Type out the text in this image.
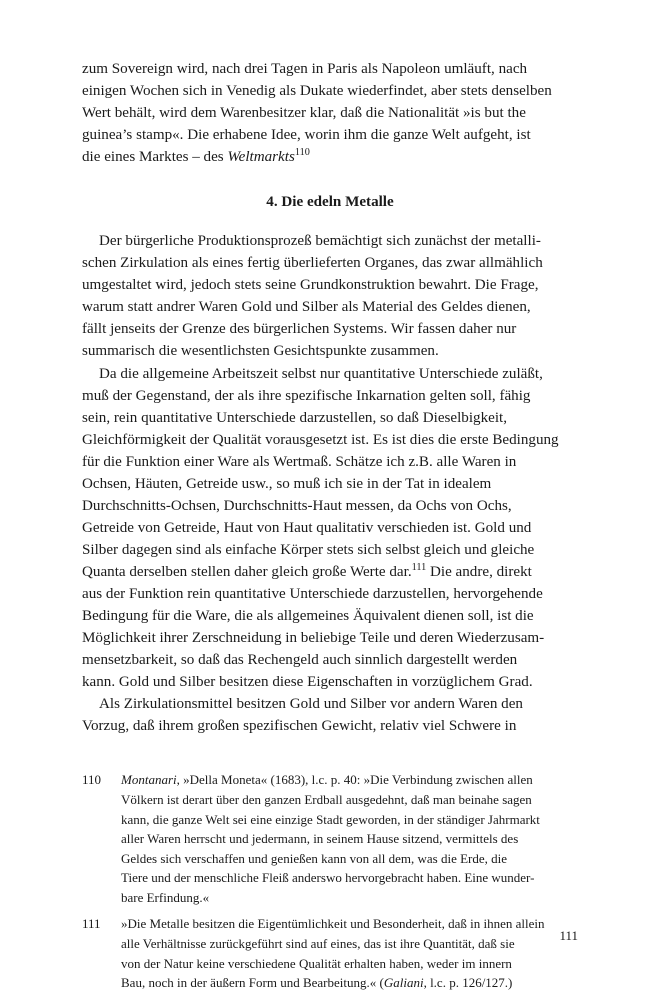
zum Sovereign wird, nach drei Tagen in Paris als Napoleon umläuft, nach
einigen Wochen sich in Venedig als Dukate wiederfindet, aber stets denselben
Wert behält, wird dem Warenbesitzer klar, daß die Nationalität »is but the
guinea’s stamp«. Die erhabene Idee, worin ihm die ganze Welt aufgeht, ist
die eines Marktes – des Weltmarkts$^{110}$
4. Die edeln Metalle
Der bürgerliche Produktionsprozeß bemächtigt sich zunächst der metalli-
schen Zirkulation als eines fertig überlieferten Organes, das zwar allmählich
umgestaltet wird, jedoch stets seine Grundkonstruktion bewahrt. Die Frage,
warum statt andrer Waren Gold und Silber als Material des Geldes dienen,
fällt jenseits der Grenze des bürgerlichen Systems. Wir fassen daher nur
summarisch die wesentlichsten Gesichtspunkte zusammen.
Da die allgemeine Arbeitszeit selbst nur quantitative Unterschiede zuläßt,
muß der Gegenstand, der als ihre spezifische Inkarnation gelten soll, fähig
sein, rein quantitative Unterschiede darzustellen, so daß Dieselbigkeit,
Gleichförmigkeit der Qualität vorausgesetzt ist. Es ist dies die erste Bedingung
für die Funktion einer Ware als Wertmaß. Schätze ich z.B. alle Waren in
Ochsen, Häuten, Getreide usw., so muß ich sie in der Tat in idealem
Durchschnitts-Ochsen, Durchschnitts-Haut messen, da Ochs von Ochs,
Getreide von Getreide, Haut von Haut qualitativ verschieden ist. Gold und
Silber dagegen sind als einfache Körper stets sich selbst gleich und gleiche
Quanta derselben stellen daher gleich große Werte dar.$^{111}$ Die andre, direkt
aus der Funktion rein quantitative Unterschiede darzustellen, hervorgehende
Bedingung für die Ware, die als allgemeines Äquivalent dienen soll, ist die
Möglichkeit ihrer Zerschneidung in beliebige Teile und deren Wiederzusam-
mensetzbarkeit, so daß das Rechengeld auch sinnlich dargestellt werden
kann. Gold und Silber besitzen diese Eigenschaften in vorzüglichem Grad.
Als Zirkulationsmittel besitzen Gold und Silber vor andern Waren den
Vorzug, daß ihrem großen spezifischen Gewicht, relativ viel Schwere in
110	Montanari, »Della Moneta« (1683), l.c. p. 40: »Die Verbindung zwischen allen
Völkern ist derart über den ganzen Erdball ausgedehnt, daß man beinahe sagen
kann, die ganze Welt sei eine einzige Stadt geworden, in der ständiger Jahrmarkt
aller Waren herrscht und jedermann, in seinem Hause sitzend, vermittels des
Geldes sich verschaffen und genießen kann von all dem, was die Erde, die
Tiere und der menschliche Fleiß anderswo hervorgebracht haben. Eine wunder-
bare Erfindung.«
111	»Die Metalle besitzen die Eigentümlichkeit und Besonderheit, daß in ihnen allein
alle Verhältnisse zurückgeführt sind auf eines, das ist ihre Quantität, daß sie
von der Natur keine verschiedene Qualität erhalten haben, weder im innern
Bau, noch in der äußern Form und Bearbeitung.« (Galiani, l.c. p. 126/127.)
111
